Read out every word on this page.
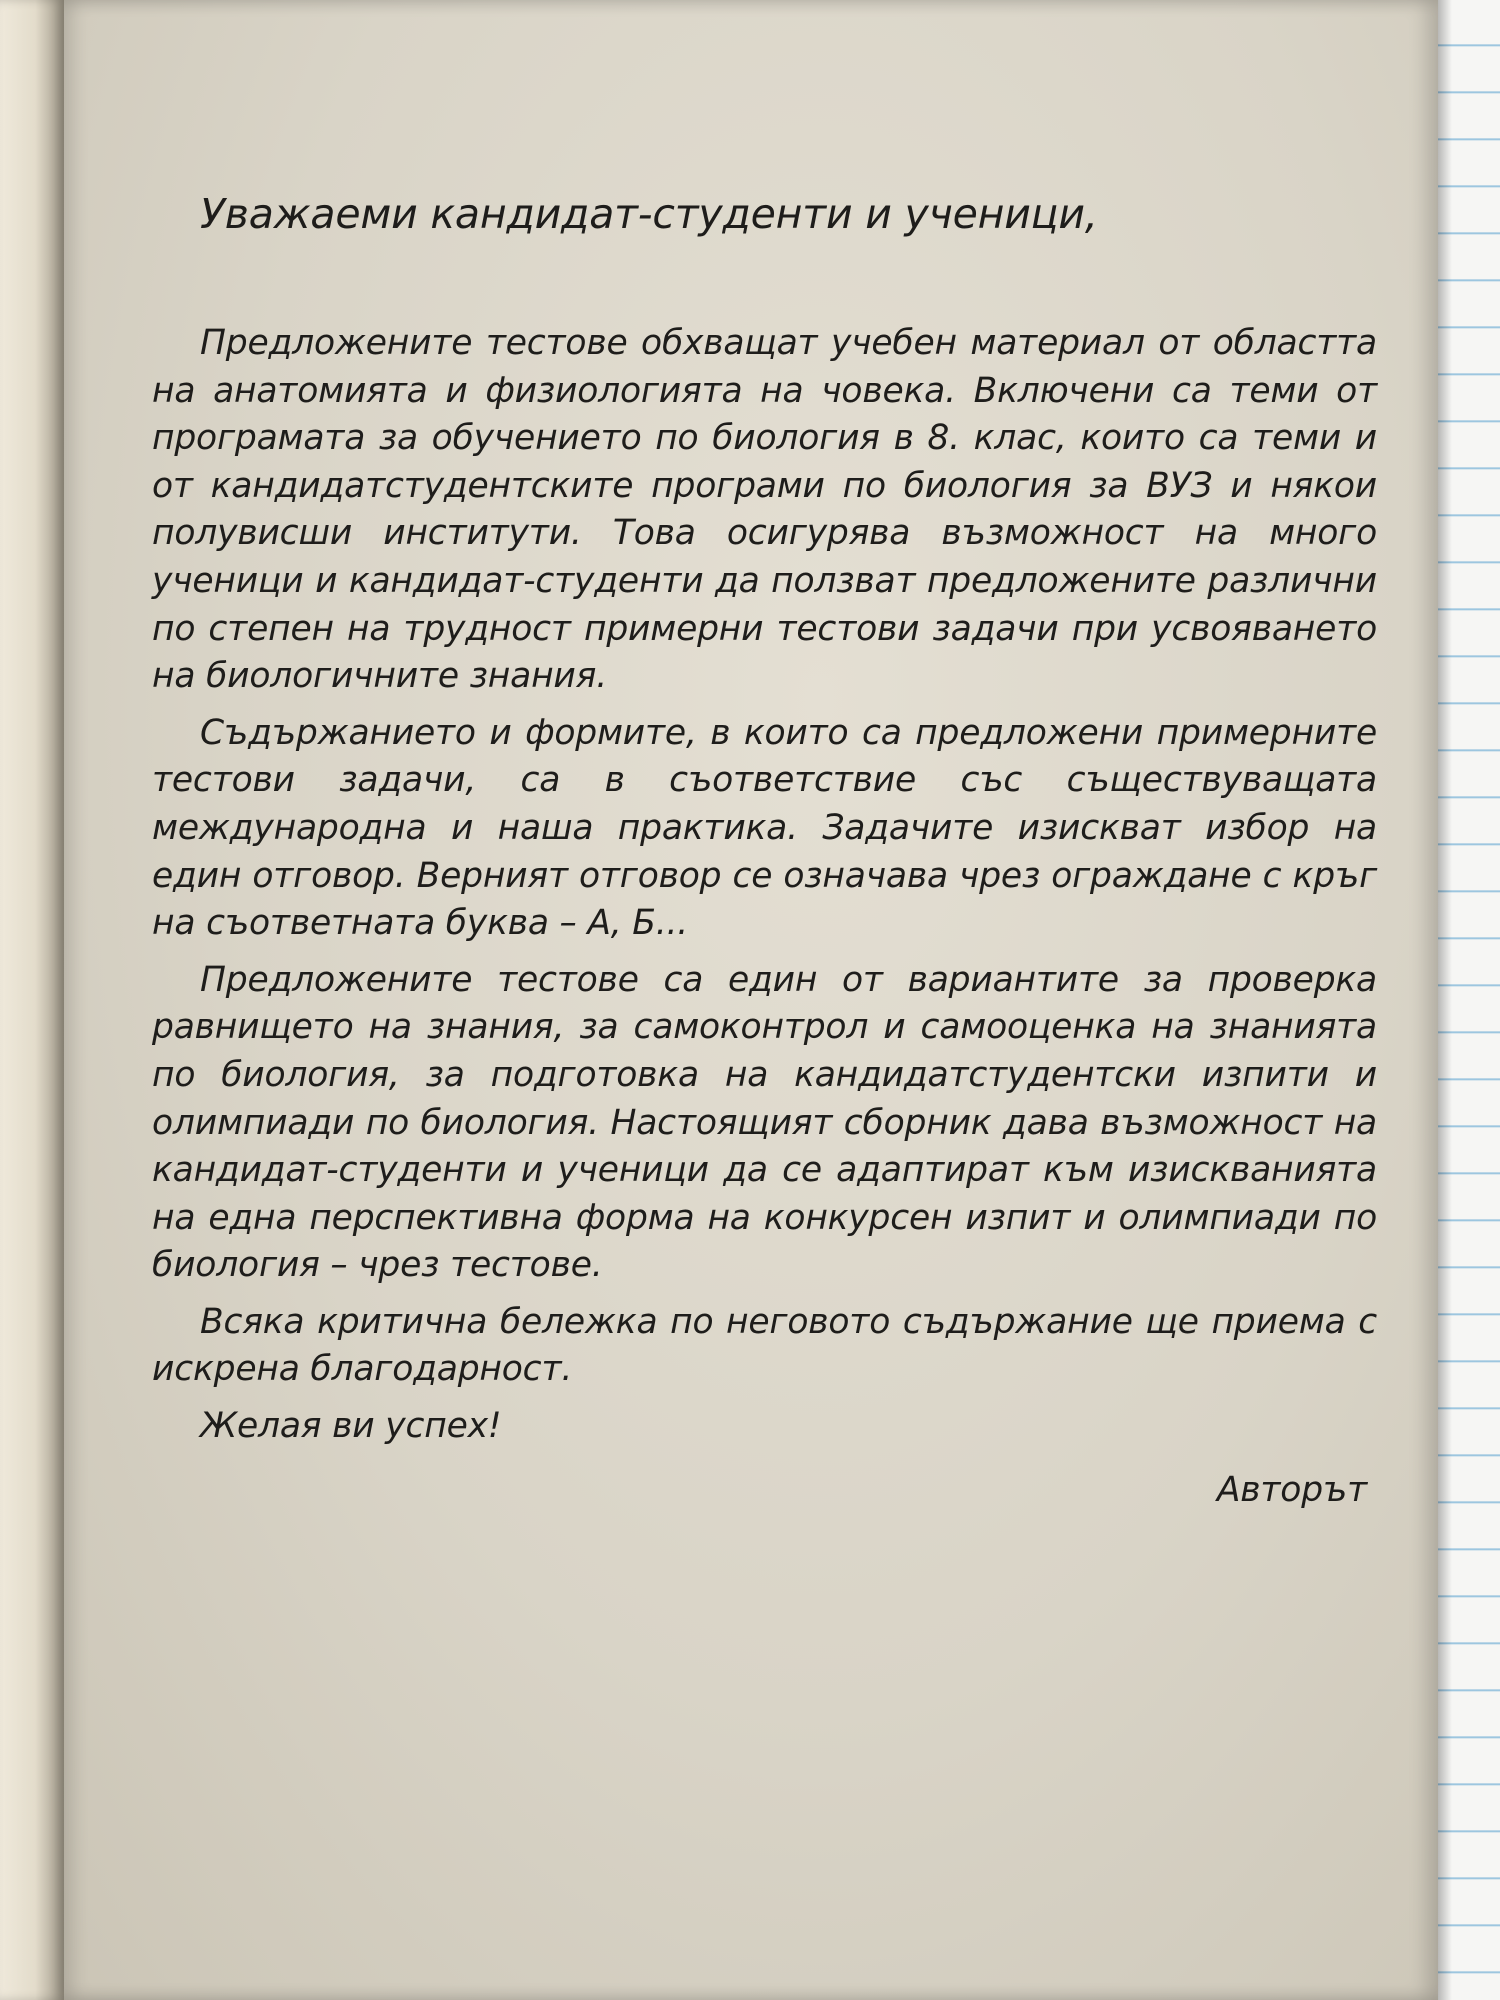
Уважаеми кандидат-студенти и ученици,

Предложените тестове обхващат учебен материал от областта на анатомията и физиологията на човека. Включени са теми от програмата за обучението по биология в 8. клас, които са теми и от кандидатстудентските програми по биология за ВУЗ и някои полувисши институти. Това осигурява възможност на много ученици и кандидат-студенти да ползват предложените различни по степен на трудност примерни тестови задачи при усвояването на биологичните знания.

Съдържанието и формите, в които са предложени примерните тестови задачи, са в съответствие със съществуващата международна и наша практика. Задачите изискват избор на един отговор. Верният отговор се означава чрез ограждане с кръг на съответната буква – А, Б...

Предложените тестове са един от вариантите за проверка равнището на знания, за самоконтрол и самооценка на знанията по биология, за подготовка на кандидатстудентски изпити и олимпиади по биология. Настоящият сборник дава възможност на кандидат-студенти и ученици да се адаптират към изискванията на една перспективна форма на конкурсен изпит и олимпиади по биология – чрез тестове.

Всяка критична бележка по неговото съдържание ще приема с искрена благодарност.

Желая ви успех!

Авторът
